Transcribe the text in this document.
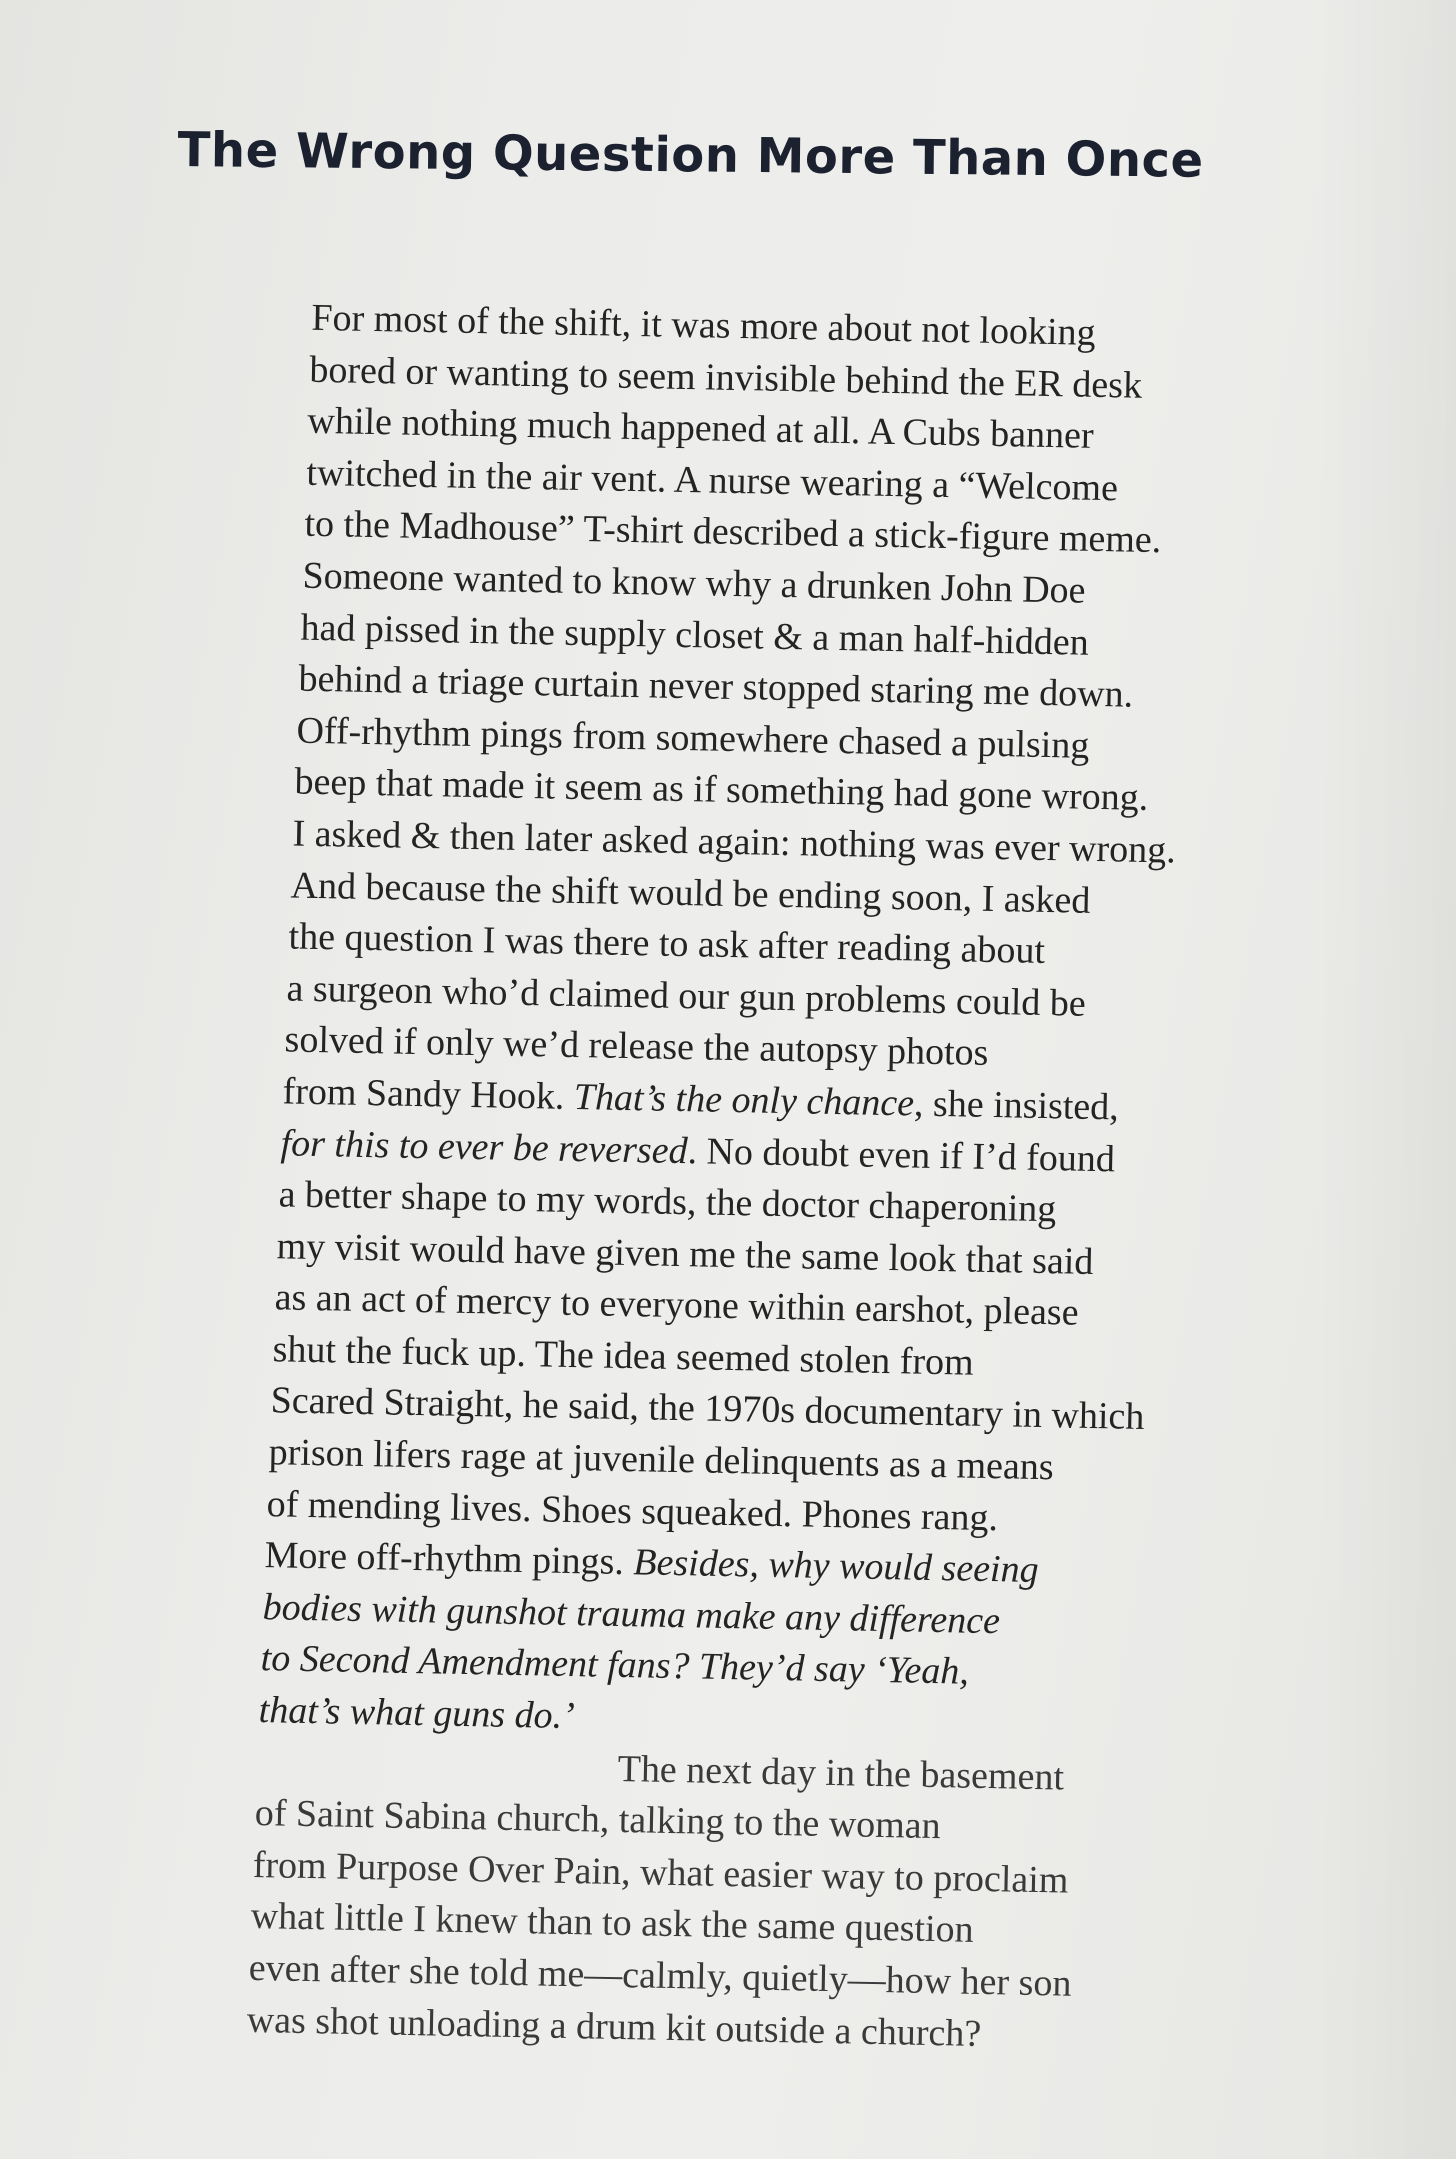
The Wrong Question More Than Once
For most of the shift, it was more about not looking
bored or wanting to seem invisible behind the ER desk
while nothing much happened at all. A Cubs banner
twitched in the air vent. A nurse wearing a “Welcome
to the Madhouse” T-shirt described a stick-figure meme.
Someone wanted to know why a drunken John Doe
had pissed in the supply closet & a man half-hidden
behind a triage curtain never stopped staring me down.
Off-rhythm pings from somewhere chased a pulsing
beep that made it seem as if something had gone wrong.
I asked & then later asked again: nothing was ever wrong.
And because the shift would be ending soon, I asked
the question I was there to ask after reading about
a surgeon who’d claimed our gun problems could be
solved if only we’d release the autopsy photos
from Sandy Hook. That’s the only chance, she insisted,
for this to ever be reversed. No doubt even if I’d found
a better shape to my words, the doctor chaperoning
my visit would have given me the same look that said
as an act of mercy to everyone within earshot, please
shut the fuck up. The idea seemed stolen from
Scared Straight, he said, the 1970s documentary in which
prison lifers rage at juvenile delinquents as a means
of mending lives. Shoes squeaked. Phones rang.
More off-rhythm pings. Besides, why would seeing
bodies with gunshot trauma make any difference
to Second Amendment fans? They’d say ‘Yeah,
that’s what guns do.’
The next day in the basement
of Saint Sabina church, talking to the woman
from Purpose Over Pain, what easier way to proclaim
what little I knew than to ask the same question
even after she told me—calmly, quietly—how her son
was shot unloading a drum kit outside a church?
